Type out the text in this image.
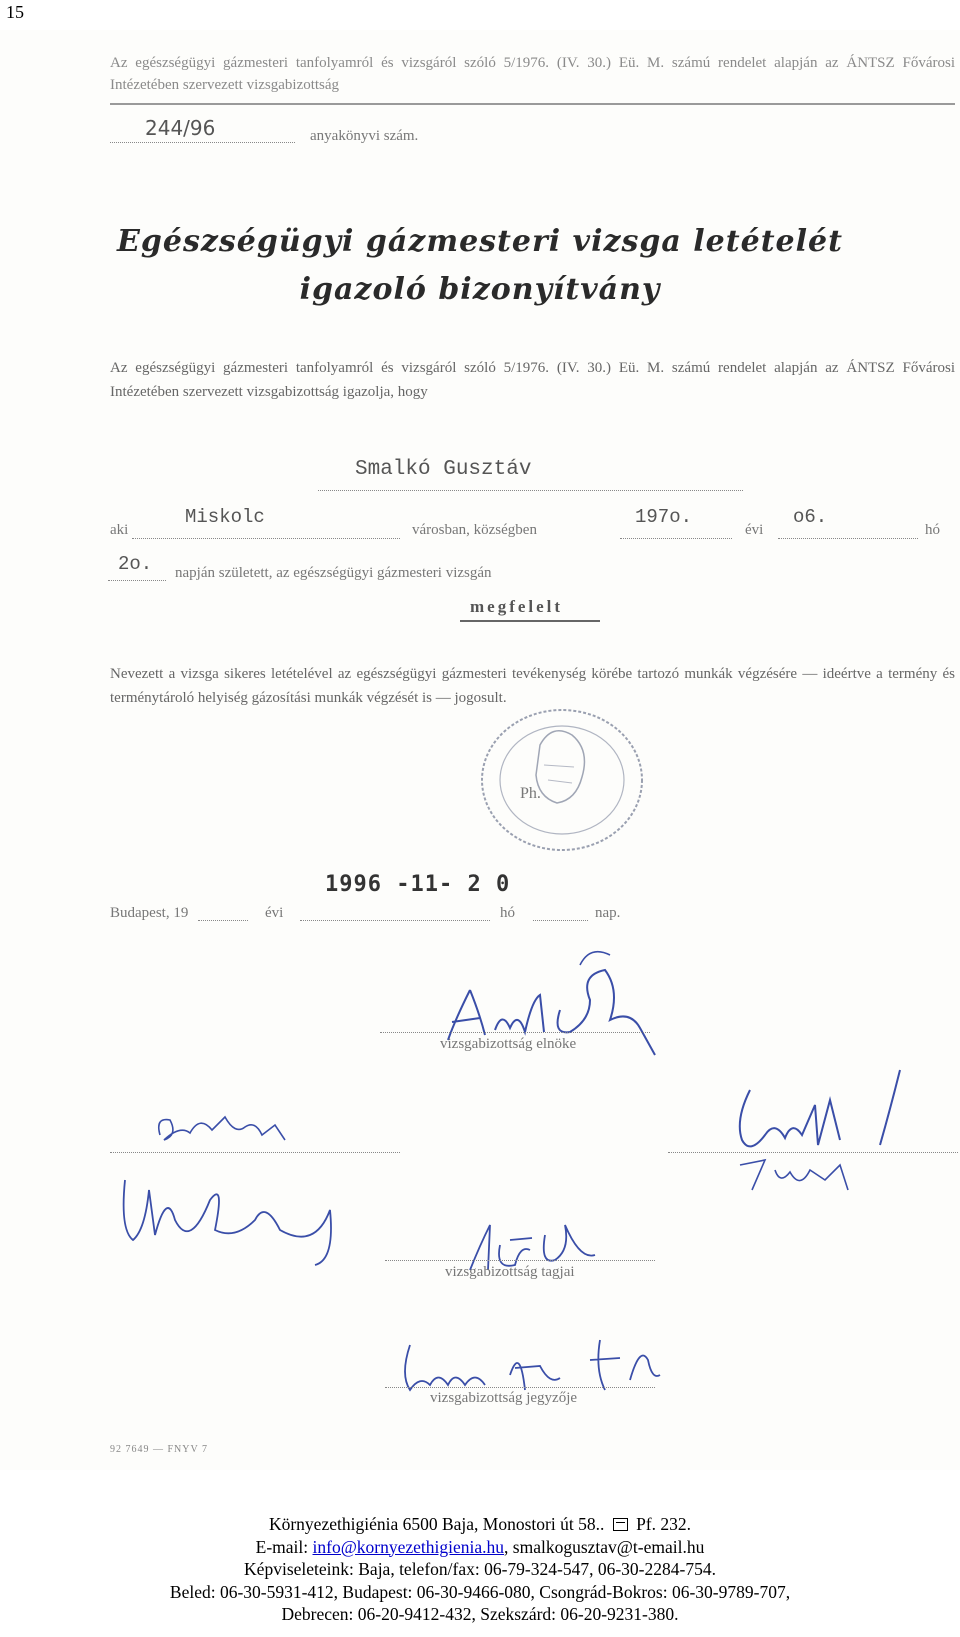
15
Az egészségügyi gázmesteri tanfolyamról és vizsgáról szóló 5/1976. (IV. 30.) Eü. M. számú rendelet alapján az ÁNTSZ Fővárosi Intézetében szervezett vizsgabizottság
244/96	anyakönyvi szám.
Egészségügyi gázmesteri vizsga letételét
igazoló bizonyítvány
Az egészségügyi gázmesteri tanfolyamról és vizsgáról szóló 5/1976. (IV. 30.) Eü. M. számú rendelet alapján az ÁNTSZ Fővárosi Intézetében szervezett vizsgabizottság igazolja, hogy
Smalkó Gusztáv
aki
Miskolc
városban, községben
197o.
évi
o6.
hó
2o. napján született, az egészségügyi gázmesteri vizsgán
megfelelt
Nevezett a vizsga sikeres letételével az egészségügyi gázmesteri tevékenység körébe tartozó munkák végzésére — ideértve a termény és terménytároló helyiség gázosítási munkák végzését is — jogosult.
Ph.
1996 -11- 2 0
Budapest, 19	évi	hó	nap.
vizsgabizottság elnöke
vizsgabizottság tagjai
vizsgabizottság jegyzője
92 7649 — FNYV 7
Környezethigiénia 6500 Baja, Monostori út 58.. Pf. 232.
E-mail: info@kornyezethigienia.hu, smalkogusztav@t-email.hu
Képviseleteink: Baja, telefon/fax: 06-79-324-547, 06-30-2284-754.
Beled: 06-30-5931-412, Budapest: 06-30-9466-080, Csongrád-Bokros: 06-30-9789-707,
Debrecen: 06-20-9412-432, Szekszárd: 06-20-9231-380.
